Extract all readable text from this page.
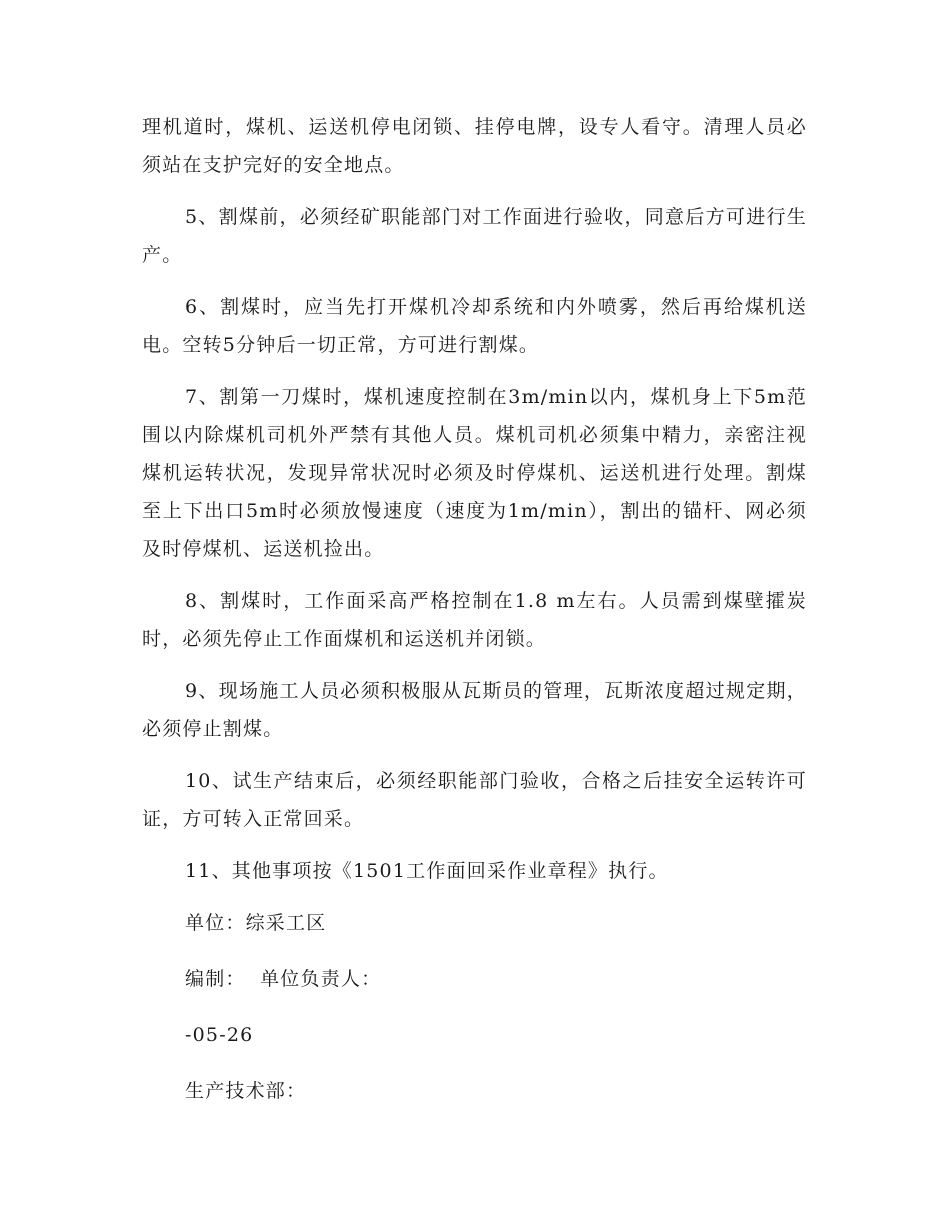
理机道时，煤机、运送机停电闭锁、挂停电牌，设专人看守。清理人员必须站在支护完好的安全地点。

5、割煤前，必须经矿职能部门对工作面进行验收，同意后方可进行生产。

6、割煤时，应当先打开煤机冷却系统和内外喷雾，然后再给煤机送电。空转5分钟后一切正常，方可进行割煤。

7、割第一刀煤时，煤机速度控制在3m/min以内，煤机身上下5m范围以内除煤机司机外严禁有其他人员。煤机司机必须集中精力，亲密注视煤机运转状况，发现异常状况时必须及时停煤机、运送机进行处理。割煤至上下出口5m时必须放慢速度（速度为1m/min），割出的锚杆、网必须及时停煤机、运送机捡出。

8、割煤时，工作面采高严格控制在1.8 m左右。人员需到煤壁攉炭时，必须先停止工作面煤机和运送机并闭锁。

9、现场施工人员必须积极服从瓦斯员的管理，瓦斯浓度超过规定期，必须停止割煤。

10、试生产结束后，必须经职能部门验收，合格之后挂安全运转许可证，方可转入正常回采。

11、其他事项按《1501工作面回采作业章程》执行。

单位：综采工区

编制：  单位负责人：

-05-26

生产技术部：
